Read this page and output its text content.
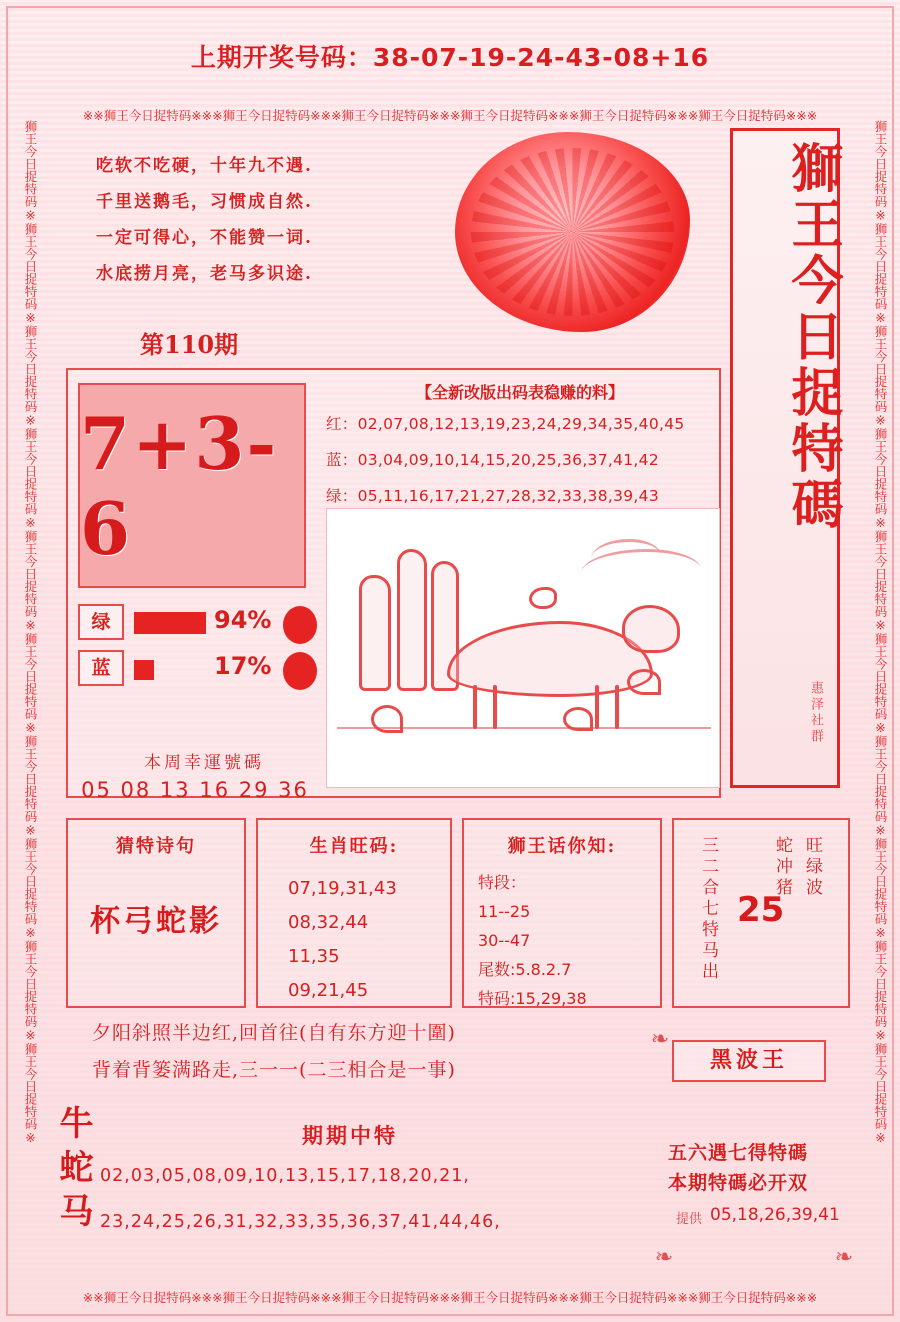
上期开奖号码：38-07-19-24-43-08+16
※※狮王今日捉特码※※※狮王今日捉特码※※※狮王今日捉特码※※※狮王今日捉特码※※※狮王今日捉特码※※※狮王今日捉特码※※※
※※狮王今日捉特码※※※狮王今日捉特码※※※狮王今日捉特码※※※狮王今日捉特码※※※狮王今日捉特码※※※狮王今日捉特码※※※
狮王今日捉特码※狮王今日捉特码※狮王今日捉特码※狮王今日捉特码※狮王今日捉特码※狮王今日捉特码※狮王今日捉特码※狮王今日捉特码※狮王今日捉特码※狮王今日捉特码※	狮王今日捉特码※狮王今日捉特码※狮王今日捉特码※狮王今日捉特码※狮王今日捉特码※狮王今日捉特码※狮王今日捉特码※狮王今日捉特码※狮王今日捉特码※狮王今日捉特码※
吃软不吃硬，十年九不遇.
千里送鹅毛，习惯成自然.
一定可得心，不能赞一词.
水底捞月亮，老马多识途.	獅王今日捉特碼
惠泽社群
第110期
7+3-6
绿	94%
蓝	17%
本周幸運號碼
05 08 13 16 29 36
【全新改版出码表稳赚的料】
红：02,07,08,12,13,19,23,24,29,34,35,40,45
蓝：03,04,09,10,14,15,20,25,36,37,41,42
绿：05,11,16,17,21,27,28,32,33,38,39,43
猜特诗句
杯弓蛇影
生肖旺码:
07,19,31,43
08,32,44
11,35
09,21,45
狮王话你知:
特段：
11--25
30--47
尾数:5.8.2.7
特码:15,29,38
三二合七特马出 25
蛇冲猪 旺绿波
夕阳斜照半边红,回首往(自有东方迎十圍)
背着背篓满路走,三一一(二三相合是一事)
牛蛇马	期期中特
02,03,05,08,09,10,13,15,17,18,20,21,
23,24,25,26,31,32,33,35,36,37,41,44,46,
黑波王
五六遇七得特碼
本期特碼必开双
提供 05,18,26,39,41
❧
❧	❧
